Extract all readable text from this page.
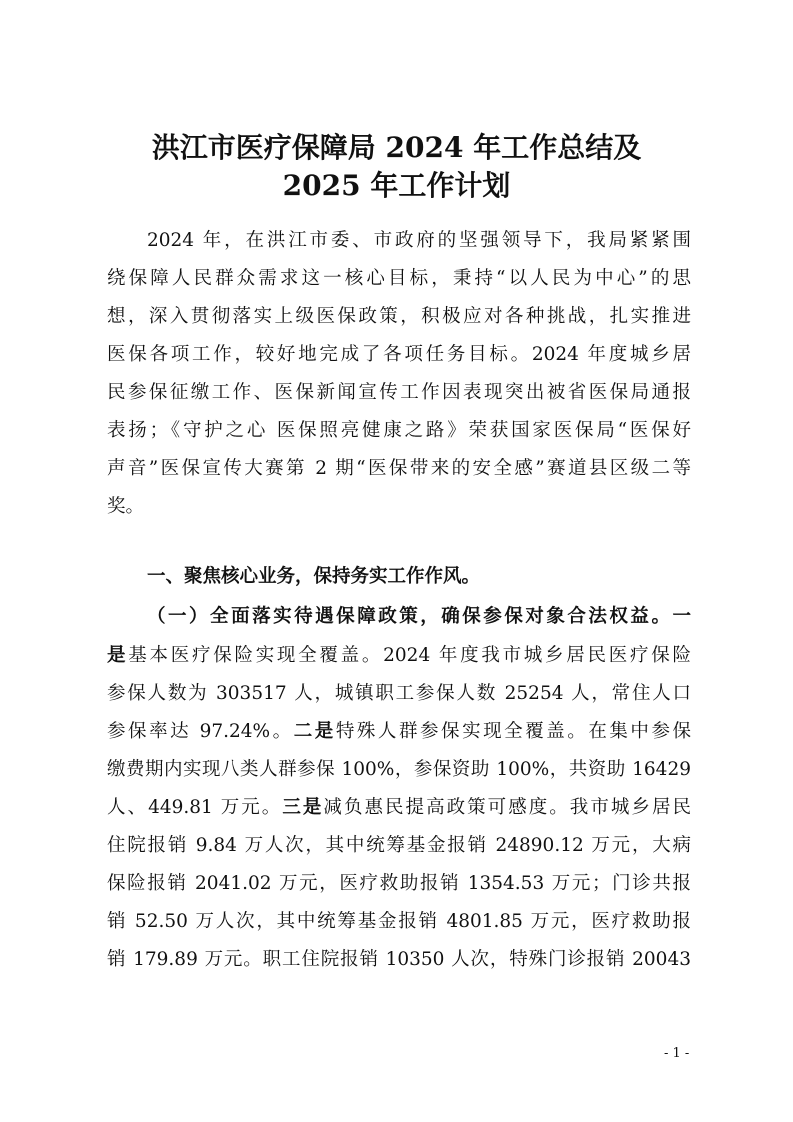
洪江市医疗保障局 2024 年工作总结及
2025 年工作计划
2024 年，在洪江市委、市政府的坚强领导下，我局紧紧围
绕保障人民群众需求这一核心目标，秉持“以人民为中心”的思
想，深入贯彻落实上级医保政策，积极应对各种挑战，扎实推进
医保各项工作，较好地完成了各项任务目标。2024 年度城乡居
民参保征缴工作、医保新闻宣传工作因表现突出被省医保局通报
表扬；《守护之心 医保照亮健康之路》荣获国家医保局“医保好
声音”医保宣传大赛第 2 期“医保带来的安全感”赛道县区级二等
奖。
一、聚焦核心业务，保持务实工作作风。
（一）全面落实待遇保障政策，确保参保对象合法权益。一
是基本医疗保险实现全覆盖。2024 年度我市城乡居民医疗保险
参保人数为 303517 人，城镇职工参保人数 25254 人，常住人口
参保率达 97.24%。二是特殊人群参保实现全覆盖。在集中参保
缴费期内实现八类人群参保 100%，参保资助 100%，共资助 16429
人、449.81 万元。三是减负惠民提高政策可感度。我市城乡居民
住院报销 9.84 万人次，其中统筹基金报销 24890.12 万元，大病
保险报销 2041.02 万元，医疗救助报销 1354.53 万元；门诊共报
销 52.50 万人次，其中统筹基金报销 4801.85 万元，医疗救助报
销 179.89 万元。职工住院报销 10350 人次，特殊门诊报销 20043
- 1 -
